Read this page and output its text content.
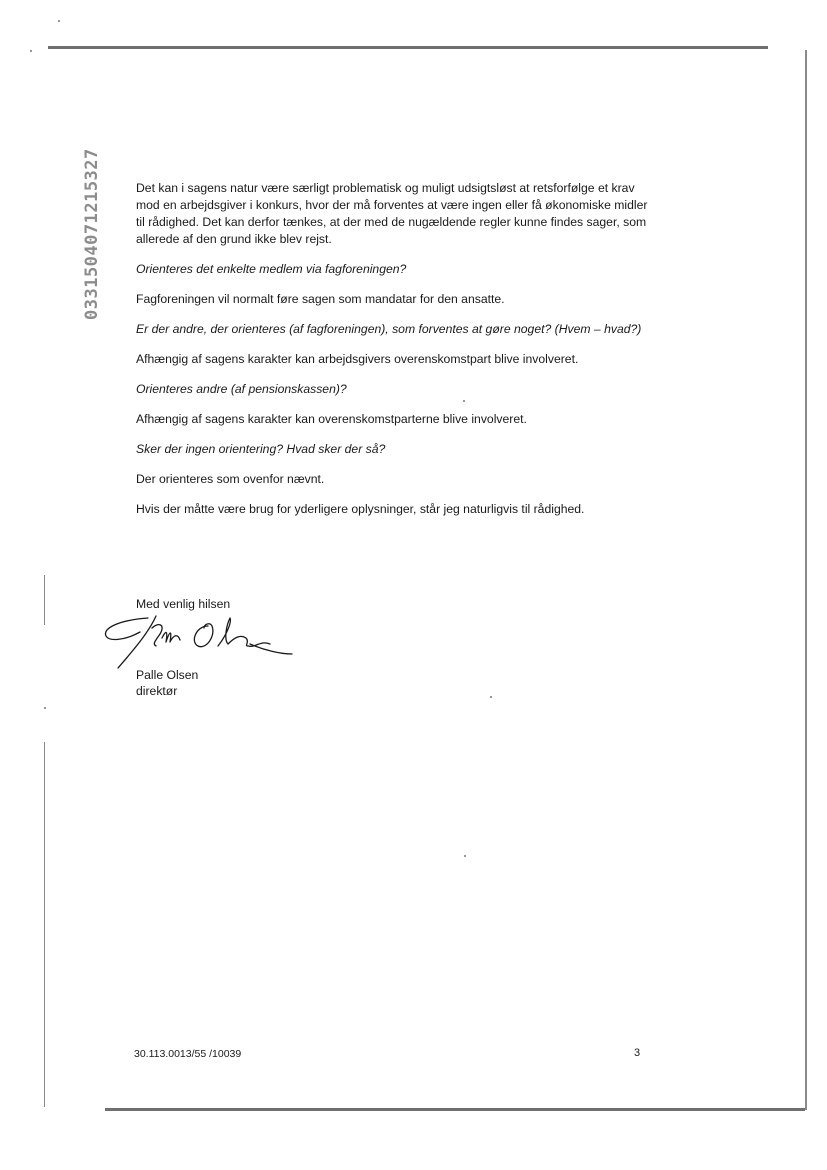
0331504071215327	Det kan i sagens natur være særligt problematisk og muligt udsigtsløst at retsforfølge et krav mod en arbejdsgiver i konkurs, hvor der må forventes at være ingen eller få økonomiske midler til rådighed. Det kan derfor tænkes, at der med de nugældende regler kunne findes sager, som allerede af den grund ikke blev rejst.

Orienteres det enkelte medlem via fagforeningen?

Fagforeningen vil normalt føre sagen som mandatar for den ansatte.

Er der andre, der orienteres (af fagforeningen), som forventes at gøre noget? (Hvem – hvad?)

Afhængig af sagens karakter kan arbejdsgivers overenskomstpart blive involveret.

Orienteres andre (af pensionskassen)?

Afhængig af sagens karakter kan overenskomstparterne blive involveret.

Sker der ingen orientering? Hvad sker der så?

Der orienteres som ovenfor nævnt.

Hvis der måtte være brug for yderligere oplysninger, står jeg naturligvis til rådighed.

Med venlig hilsen
Palle Olsen
direktør
30.113.0013/55 /10039	3
